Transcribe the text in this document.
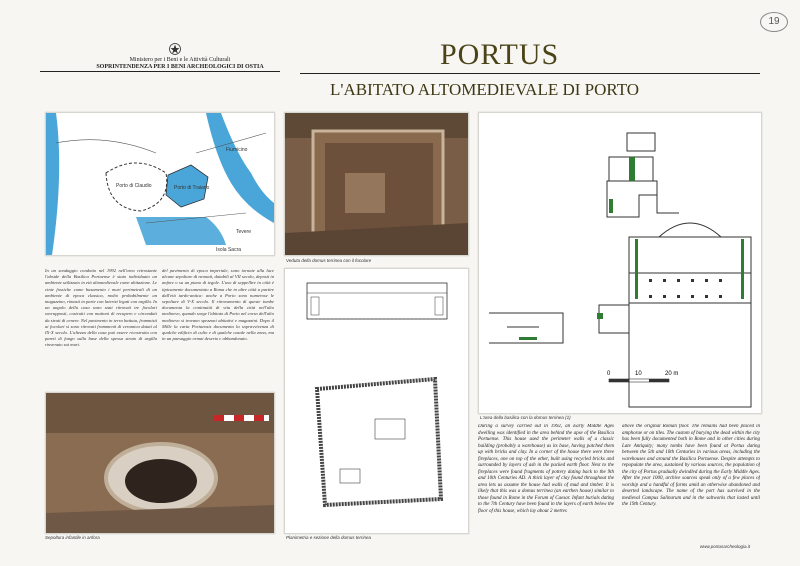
19
Ministero per i Beni e le Attività Culturali
SOPRINTENDENZA PER I BENI ARCHEOLOGICI DI OSTIA	PORTUS
L'ABITATO ALTOMEDIEVALE DI PORTO
Porto di Claudio	Porto di Traiano
Isola Sacra
Fiumicino
Tevere
Veduta della domus terrinea con il focolare
In un sondaggio condotto nel 1992 nell'area retrostante l'abside della Basilica Portuense è stato individuato un ambiente utilizzato in età altomedievale come abitazione. Le cinte fossiche come basamento i muri perimetrali di un ambiente di epoca classica, molto probabilmente un magazzino, rimasti in parte con laterizi legati con argilla. In un angolo della casa sono stati ritrovati tre focolari sovrapposti, costruiti con mattoni di recupero e circondati da strati di cenere. Nel pavimento in terra battuta, frammisti ai focolari si sono ritrovati frammenti di ceramica datati al IX-X secolo. L'altezza della casa può essere ricostruita con pareti di fango sulla base della spessa strato di argilla rinvenuto sui muri.
del pavimento di epoca imperiale, sono tornate alla luce alcune sepolture di neonati, databili al VII secolo, deposti in anfore o su un piano di tegole. L'uso di seppellire in città è tipicamente documentato a Roma che in altre città a partire dall'età tardo-antica: anche a Porto sono numerose le sepolture di V-X secolo. Il ritrovamento di queste tombe documenta la continuità di vita della città nell'alto medioevo, quando sorge l'abitato di Porto nel corso dell'alto medioevo si trovano spezzoni abitativi e magazzini. Dopo il Mille la carta Portuensis documenta la sopravvivenza di qualche edificio di culto e di qualche casale nella zona, ma in un paesaggio ormai deserto e abbandonato.
Sepoltura infantile in anfora	Planimetria e sezione della domus terrinea
0	10	20 m
L'area della basilica con la domus terrinea (1)
During a survey carried out in 1992, an Early Middle Ages dwelling was identified in the area behind the apse of the Basilica Portuense. This house used the perimeter walls of a classic building (probably a warehouse) as its base, having patched them up with bricks and clay. In a corner of the house there were three fireplaces, one on top of the other, built using recycled bricks and surrounded by layers of ash in the packed earth floor. Next to the fireplaces were found fragments of pottery dating back to the 9th and 10th Centuries AD. A thick layer of clay found throughout the area lets us assume the house had walls of mud and timber. It is likely that this was a domus terrinea (an earthen house) similar to those found in Rome in the Forum of Caesar. Infant burials dating to the 7th Century have been found in the layers of earth below the floor of this house, which lay about 2 metres
above the original Roman floor. The remains had been placed in amphorae or on tiles. The custom of burying the dead within the city has been fully documented both in Rome and in other cities during Late Antiquity; many tombs have been found at Portus dating between the 5th and 10th Centuries in various areas, including the warehouses and around the Basilica Portuense. Despite attempts to repopulate the area, sustained by various sources, the population of the city of Portus gradually dwindled during the Early Middle Ages. After the year 1000, archive sources speak only of a few places of worship and a handful of farms amid an otherwise abandoned and deserted landscape. The name of the port has survived in the medieval Campus Salinarum and in the saltworks that lasted until the 19th Century.
www.portusarcheologia.it
